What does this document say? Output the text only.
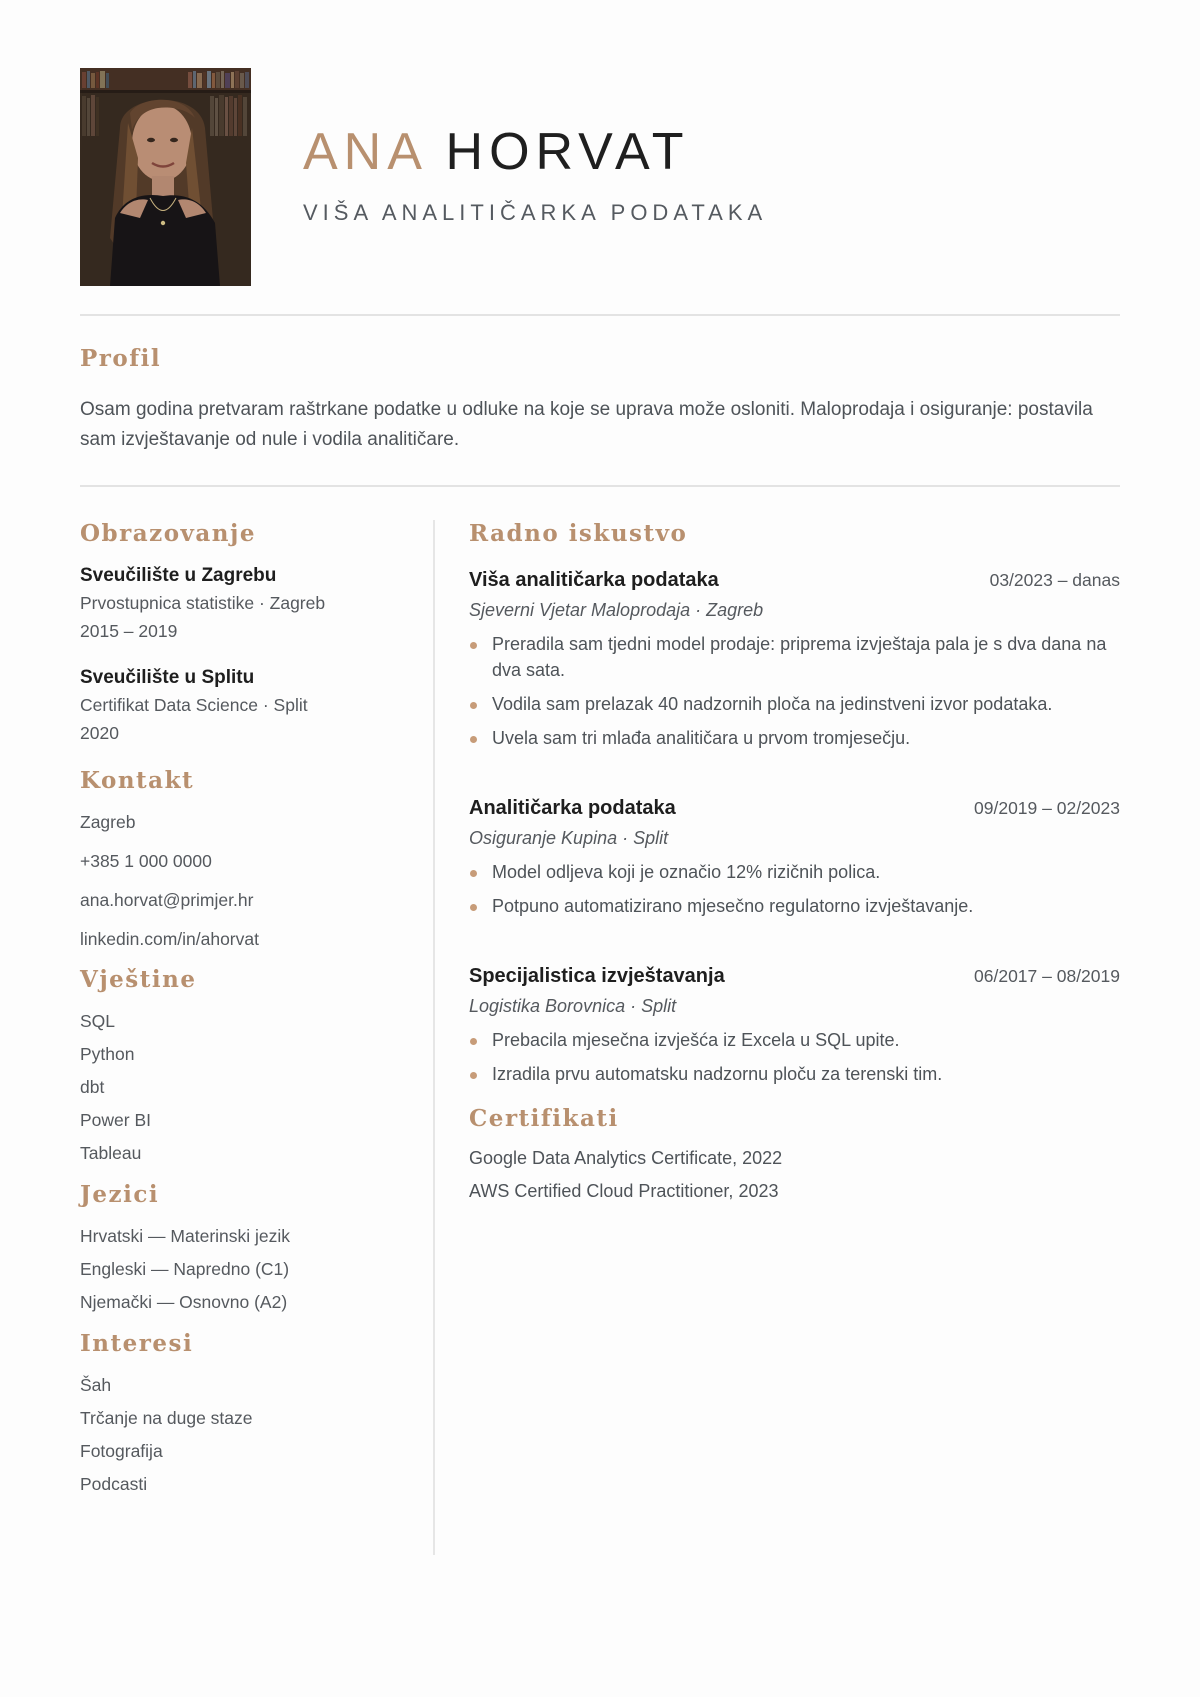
ANA HORVAT
VIŠA ANALITIČARKA PODATAKA
Profil

Osam godina pretvaram raštrkane podatke u odluke na koje se uprava može osloniti. Maloprodaja i osiguranje: postavila sam izvještavanje od nule i vodila analitičare.

Obrazovanje
Sveučilište u Zagrebu
Prvostupnica statistike · Zagreb
2015 – 2019
Sveučilište u Splitu
Certifikat Data Science · Split
2020
Kontakt
Zagreb
+385 1 000 0000
ana.horvat@primjer.hr
linkedin.com/in/ahorvat
Vještine
SQL
Python
dbt
Power BI
Tableau
Jezici
Hrvatski — Materinski jezik
Engleski — Napredno (C1)
Njemački — Osnovno (A2)
Interesi
Šah
Trčanje na duge staze
Fotografija
Podcasti
Radno iskustvo
Viša analitičarka podataka	03/2023 – danas
Sjeverni Vjetar Maloprodaja · Zagreb
Preradila sam tjedni model prodaje: priprema izvještaja pala je s dva dana na dva sata.
Vodila sam prelazak 40 nadzornih ploča na jedinstveni izvor podataka.
Uvela sam tri mlađa analitičara u prvom tromjesečju.
Analitičarka podataka	09/2019 – 02/2023
Osiguranje Kupina · Split
Model odljeva koji je označio 12% rizičnih polica.
Potpuno automatizirano mjesečno regulatorno izvještavanje.
Specijalistica izvještavanja	06/2017 – 08/2019
Logistika Borovnica · Split
Prebacila mjesečna izvješća iz Excela u SQL upite.
Izradila prvu automatsku nadzornu ploču za terenski tim.
Certifikati
Google Data Analytics Certificate, 2022
AWS Certified Cloud Practitioner, 2023
